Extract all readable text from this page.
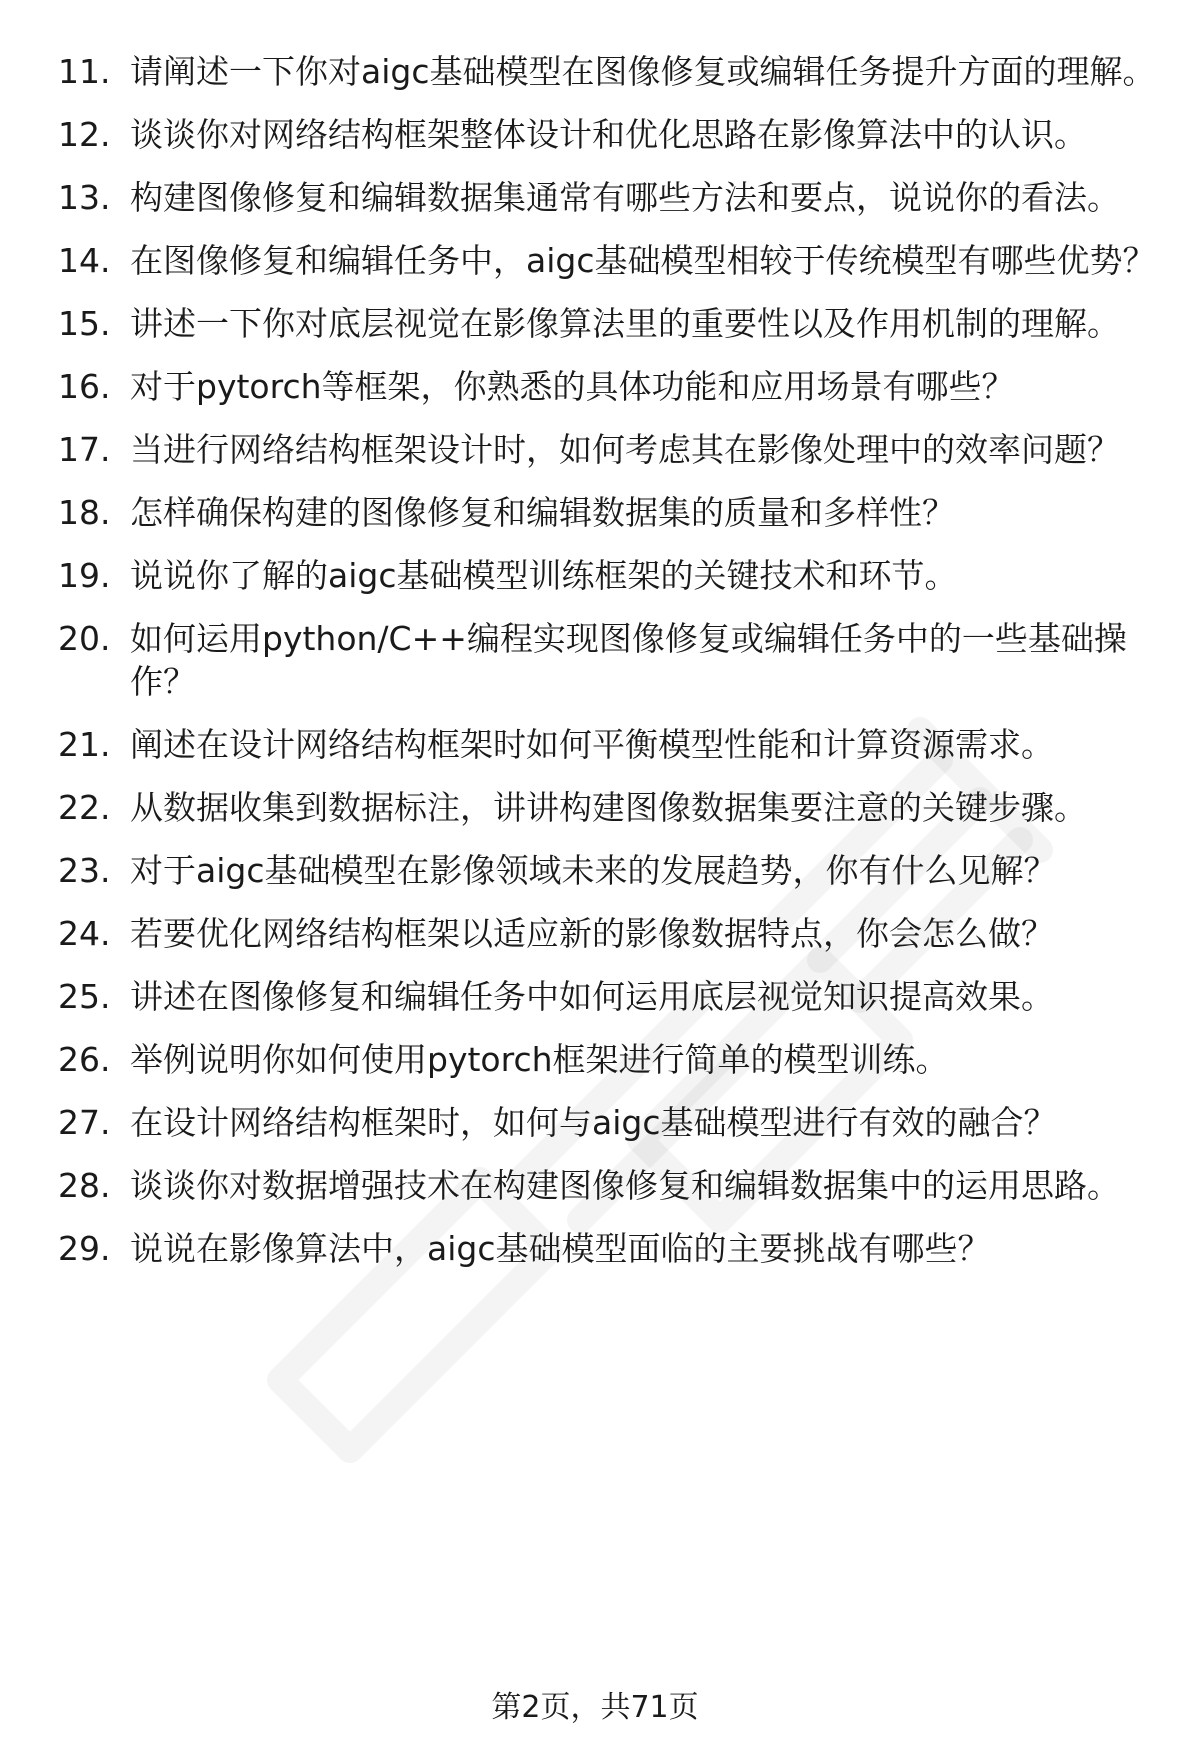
11. 请阐述一下你对aigc基础模型在图像修复或编辑任务提升方面的理解。
12. 谈谈你对网络结构框架整体设计和优化思路在影像算法中的认识。
13. 构建图像修复和编辑数据集通常有哪些方法和要点，说说你的看法。
14. 在图像修复和编辑任务中，aigc基础模型相较于传统模型有哪些优势？
15. 讲述一下你对底层视觉在影像算法里的重要性以及作用机制的理解。
16. 对于pytorch等框架，你熟悉的具体功能和应用场景有哪些？
17. 当进行网络结构框架设计时，如何考虑其在影像处理中的效率问题？
18. 怎样确保构建的图像修复和编辑数据集的质量和多样性？
19. 说说你了解的aigc基础模型训练框架的关键技术和环节。
20. 如何运用python/C++编程实现图像修复或编辑任务中的一些基础操作？
21. 阐述在设计网络结构框架时如何平衡模型性能和计算资源需求。
22. 从数据收集到数据标注，讲讲构建图像数据集要注意的关键步骤。
23. 对于aigc基础模型在影像领域未来的发展趋势，你有什么见解？
24. 若要优化网络结构框架以适应新的影像数据特点，你会怎么做？
25. 讲述在图像修复和编辑任务中如何运用底层视觉知识提高效果。
26. 举例说明你如何使用pytorch框架进行简单的模型训练。
27. 在设计网络结构框架时，如何与aigc基础模型进行有效的融合？
28. 谈谈你对数据增强技术在构建图像修复和编辑数据集中的运用思路。
29. 说说在影像算法中，aigc基础模型面临的主要挑战有哪些？
第2页，共71页
